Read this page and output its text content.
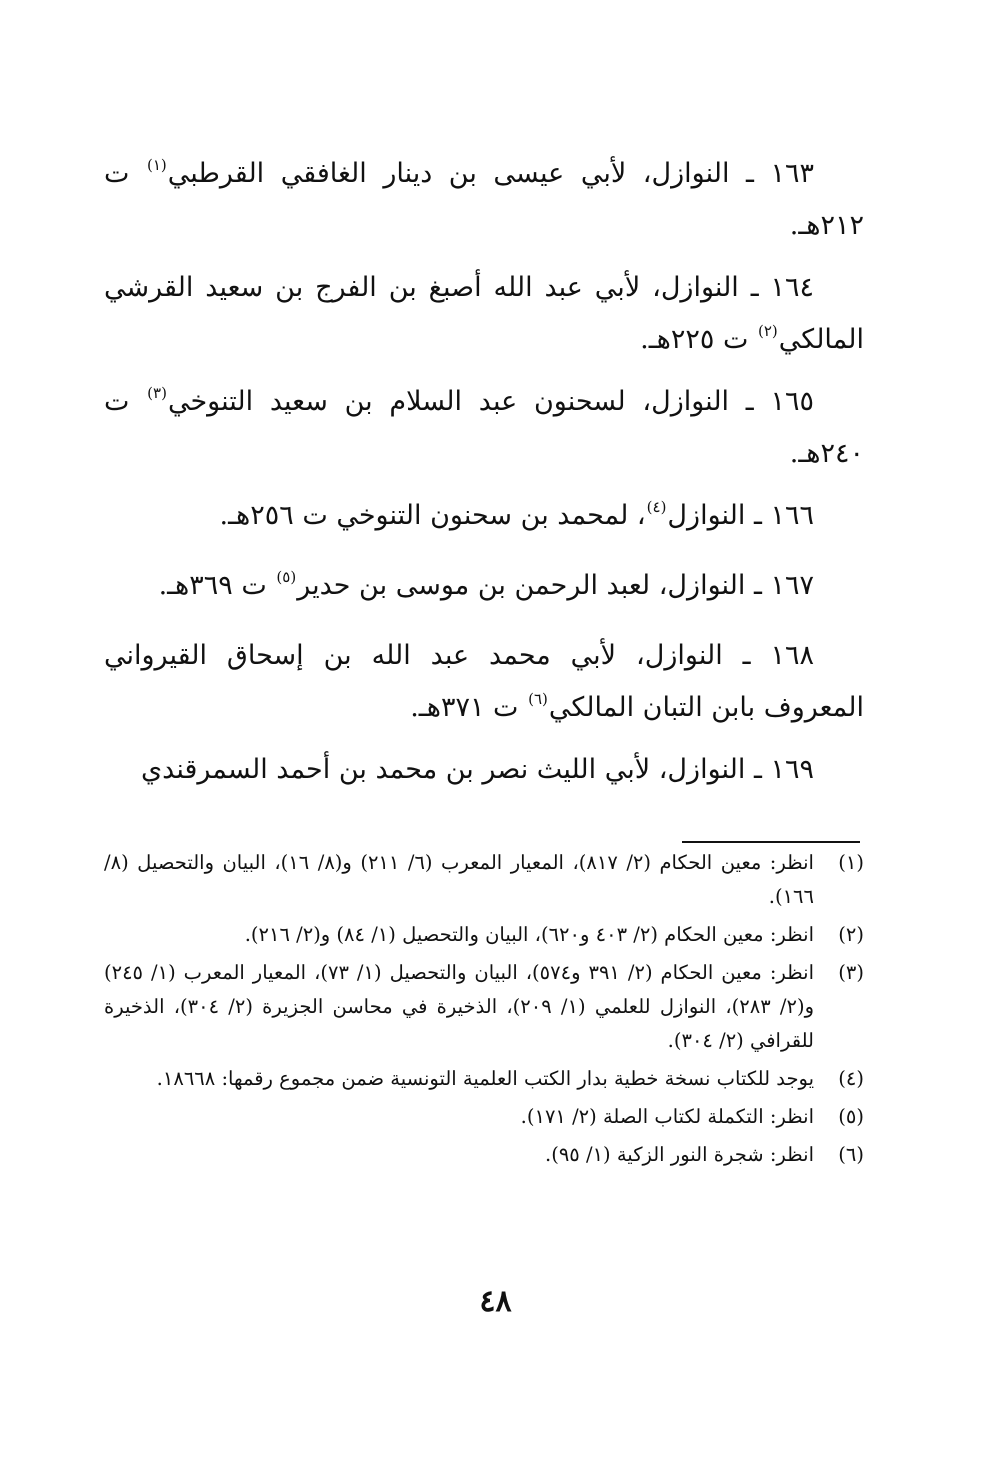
١٦٣ ـ النوازل، لأبي عيسى بن دينار الغافقي القرطبي$^{(١)}$ ت ٢١٢هـ.

١٦٤ ـ النوازل، لأبي عبد الله أصبغ بن الفرج بن سعيد القرشي المالكي$^{(٢)}$ ت ٢٢٥هـ.

١٦٥ ـ النوازل، لسحنون عبد السلام بن سعيد التنوخي$^{(٣)}$ ت ٢٤٠هـ.

١٦٦ ـ النوازل$^{(٤)}$، لمحمد بن سحنون التنوخي ت ٢٥٦هـ.

١٦٧ ـ النوازل، لعبد الرحمن بن موسى بن حدير$^{(٥)}$ ت ٣٦٩هـ.

١٦٨ ـ النوازل، لأبي محمد عبد الله بن إسحاق القيرواني المعروف بابن التبان المالكي$^{(٦)}$ ت ٣٧١هـ.

١٦٩ ـ النوازل، لأبي الليث نصر بن محمد بن أحمد السمرقندي

(١)
انظر: معين الحكام (٢/ ٨١٧)، المعيار المعرب (٦/ ٢١١) و(٨/ ١٦)، البيان والتحصيل (٨/ ١٦٦).
(٢)
انظر: معين الحكام (٢/ ٤٠٣ و٦٢٠)، البيان والتحصيل (١/ ٨٤) و(٢/ ٢١٦).
(٣)
انظر: معين الحكام (٢/ ٣٩١ و٥٧٤)، البيان والتحصيل (١/ ٧٣)، المعيار المعرب (١/ ٢٤٥) و(٢/ ٢٨٣)، النوازل للعلمي (١/ ٢٠٩)، الذخيرة في محاسن الجزيرة (٢/ ٣٠٤)، الذخيرة للقرافي (٢/ ٣٠٤).
(٤)
يوجد للكتاب نسخة خطية بدار الكتب العلمية التونسية ضمن مجموع رقمها: ١٨٦٦٨.
(٥)
انظر: التكملة لكتاب الصلة (٢/ ١٧١).
(٦)
انظر: شجرة النور الزكية (١/ ٩٥).
٤٨
